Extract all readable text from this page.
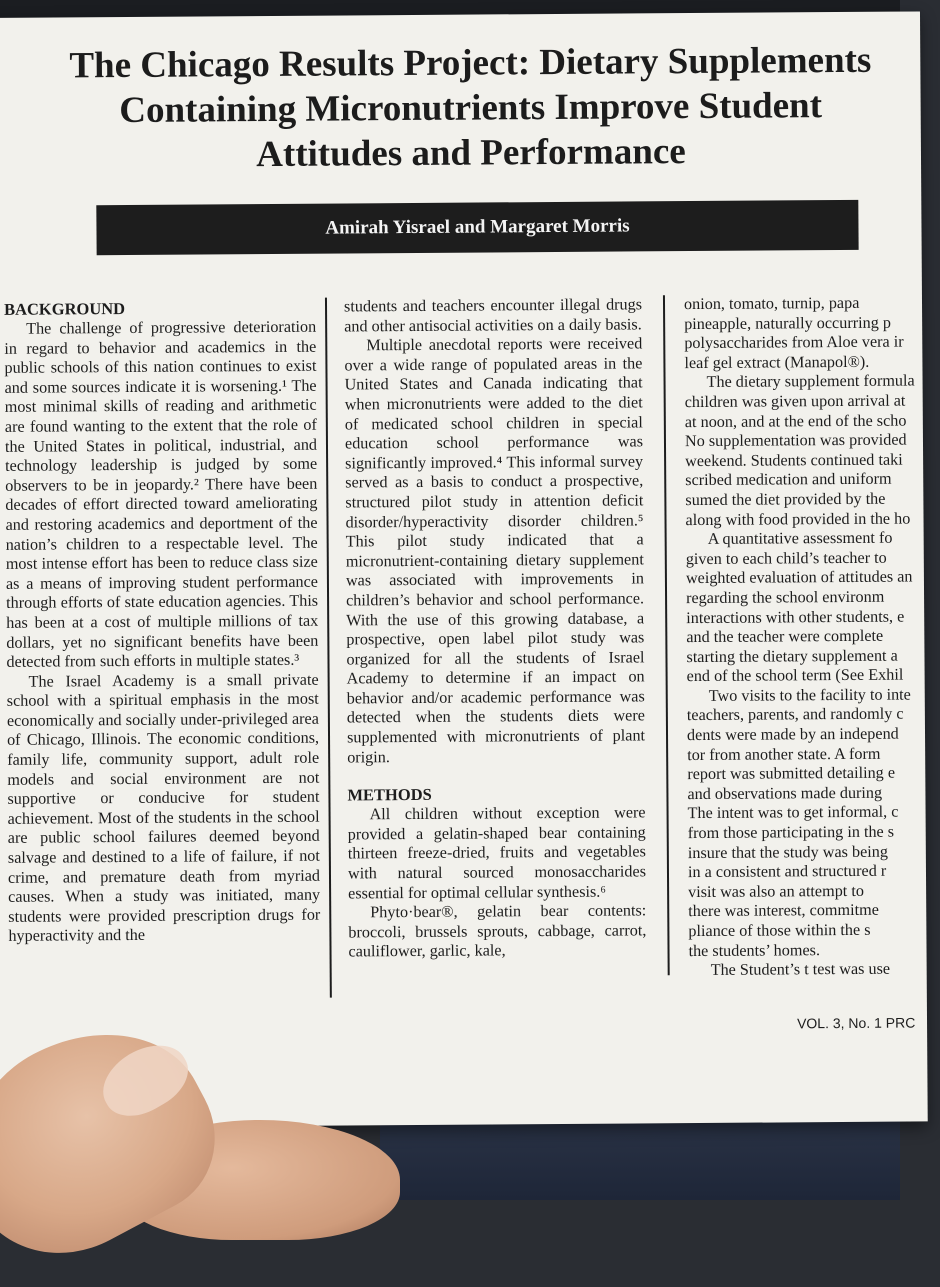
The Chicago Results Project: Dietary Supplements
Containing Micronutrients Improve Student
Attitudes and Performance
Amirah Yisrael and Margaret Morris
BACKGROUND

The challenge of progressive deterioration in regard to behavior and academics in the public schools of this nation continues to exist and some sources indicate it is worsening.¹ The most minimal skills of reading and arithmetic are found wanting to the extent that the role of the United States in political, industrial, and technology leadership is judged by some observers to be in jeopardy.² There have been decades of effort directed toward ameliorating and restoring academics and deportment of the nation’s children to a respectable level. The most intense effort has been to reduce class size as a means of improving student performance through efforts of state education agencies. This has been at a cost of multiple millions of tax dollars, yet no significant benefits have been detected from such efforts in multiple states.³

The Israel Academy is a small private school with a spiritual emphasis in the most economically and socially under-privileged area of Chicago, Illinois. The economic conditions, family life, community support, adult role models and social environment are not supportive or conducive for student achievement. Most of the students in the school are public school failures deemed beyond salvage and destined to a life of failure, if not crime, and premature death from myriad causes. When a study was initiated, many students were provided prescription drugs for hyperactivity and the

students and teachers encounter illegal drugs and other antisocial activities on a daily basis.

Multiple anecdotal reports were received over a wide range of populated areas in the United States and Canada indicating that when micronutrients were added to the diet of medicated school children in special education school performance was significantly improved.⁴ This informal survey served as a basis to conduct a prospective, structured pilot study in attention deficit disorder/hyperactivity disorder children.⁵ This pilot study indicated that a micronutrient-containing dietary supplement was associated with improvements in children’s behavior and school performance. With the use of this growing database, a prospective, open label pilot study was organized for all the students of Israel Academy to determine if an impact on behavior and/or academic performance was detected when the students diets were supplemented with micronutrients of plant origin.

METHODS

All children without exception were provided a gelatin-shaped bear containing thirteen freeze-dried, fruits and vegetables with natural sourced monosaccharides essential for optimal cellular synthesis.⁶

Phyto·bear®, gelatin bear contents: broccoli, brussels sprouts, cabbage, carrot, cauliflower, garlic, kale,

onion, tomato, turnip, papa

pineapple, naturally occurring p

polysaccharides from Aloe vera ir

leaf gel extract (Manapol®).

The dietary supplement formula

children was given upon arrival at

at noon, and at the end of the scho

No supplementation was provided

weekend. Students continued taki

scribed medication and uniform

sumed the diet provided by the

along with food provided in the ho

A quantitative assessment fo

given to each child’s teacher to

weighted evaluation of attitudes an

regarding the school environm

interactions with other students, e

and the teacher were complete

starting the dietary supplement a

end of the school term (See Exhil

Two visits to the facility to inte

teachers, parents, and randomly c

dents were made by an independ

tor from another state. A form

report was submitted detailing e

and observations made during

The intent was to get informal, c

from those participating in the s

insure that the study was being

in a consistent and structured r

visit was also an attempt to

there was interest, commitme

pliance of those within the s

the students’ homes.

The Student’s t test was use

VOL. 3, No. 1 PRC
